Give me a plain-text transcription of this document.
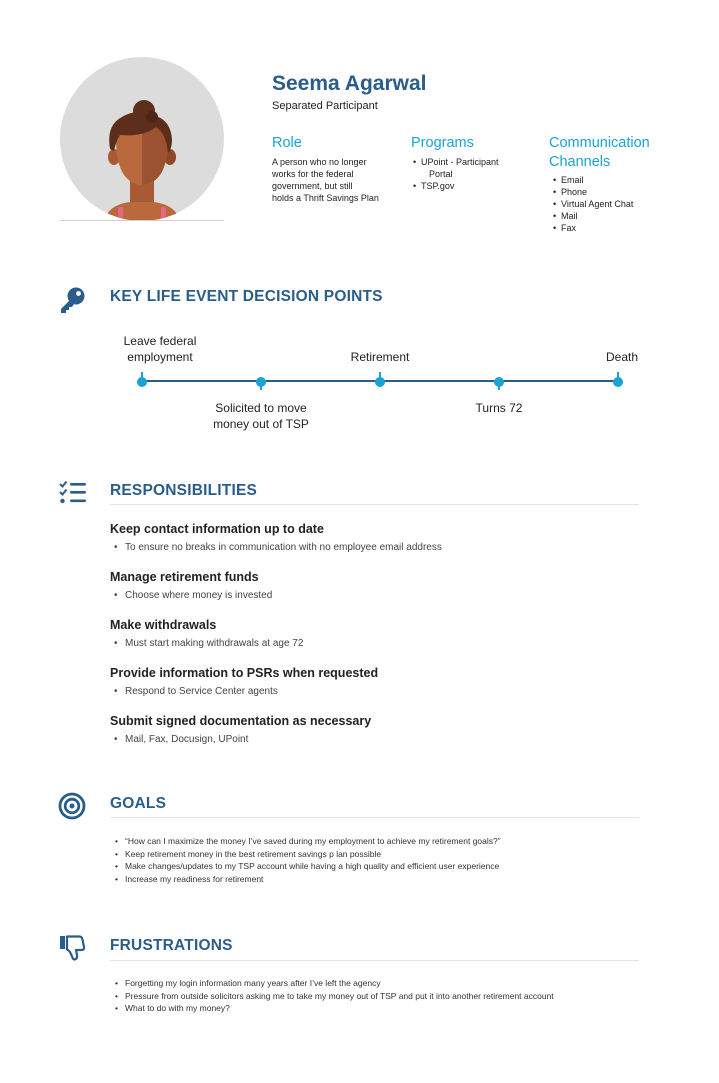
Seema Agarwal
Separated Participant
Role
A person who no longer
works for the federal
government, but still
holds a Thrift Savings Plan
Programs
• UPoint - Participant
Portal
• TSP.gov
Communication
Channels
• Email
• Phone
• Virtual Agent Chat
• Mail
• Fax
KEY LIFE EVENT DECISION POINTS
Leave federal
employment
Solicited to move
money out of TSP
Retirement
Turns 72
Death
RESPONSIBILITIES
Keep contact information up to date
• To ensure no breaks in communication with no employee email address
Manage retirement funds
• Choose where money is invested
Make withdrawals
• Must start making withdrawals at age 72
Provide information to PSRs when requested
• Respond to Service Center agents
Submit signed documentation as necessary
• Mail, Fax, Docusign, UPoint
GOALS
• “How can I maximize the money I’ve saved during my employment to achieve my retirement goals?”
• Keep retirement money in the best retirement savings p lan possible
• Make changes/updates to my TSP account while having a high quality and efficient user experience
• Increase my readiness for retirement
FRUSTRATIONS
• Forgetting my login information many years after I’ve left the agency
• Pressure from outside solicitors asking me to take my money out of TSP and put it into another retirement account
• What to do with my money?
